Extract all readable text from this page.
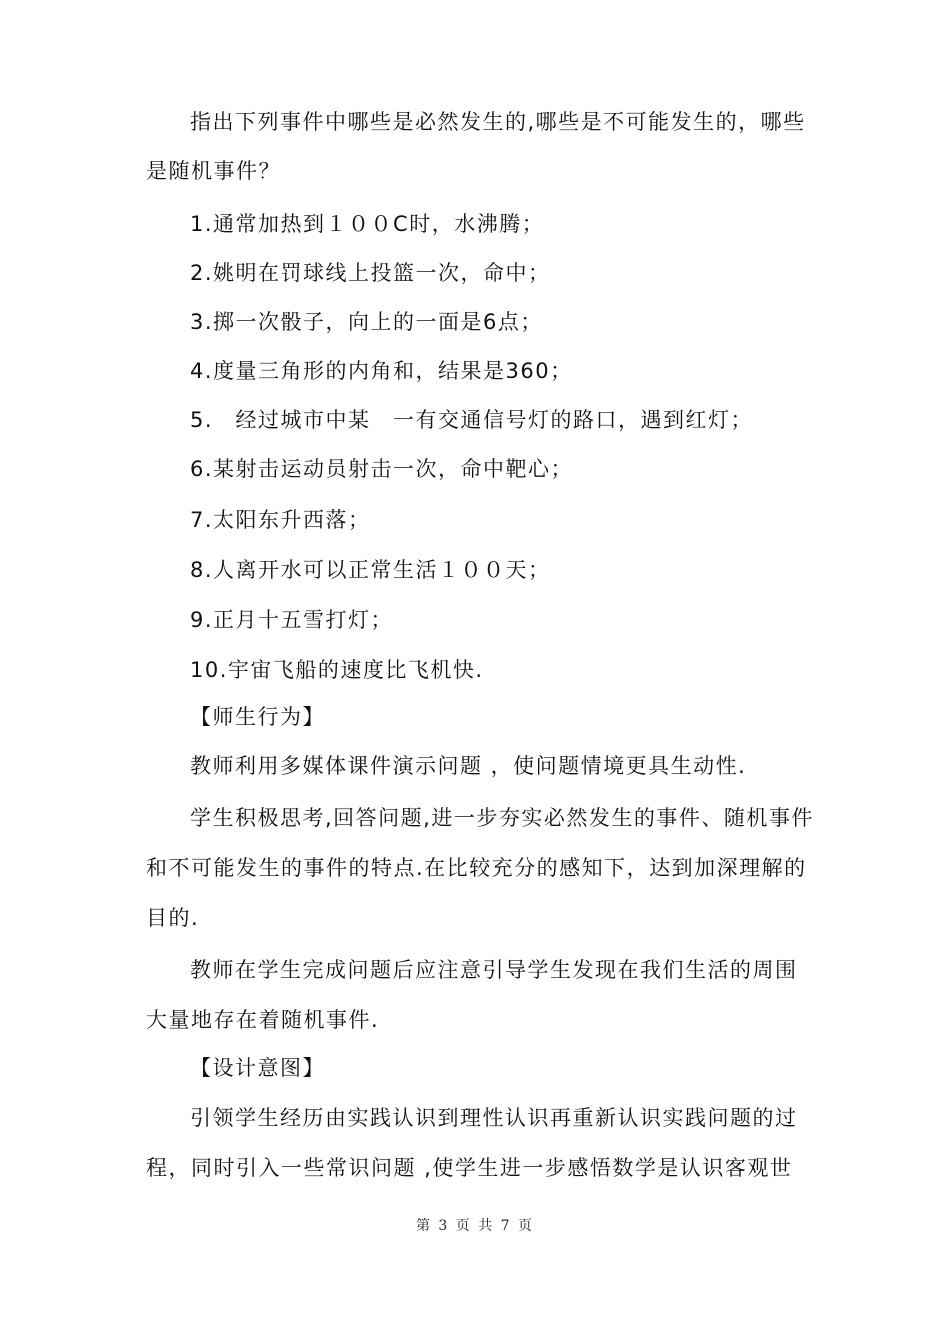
指出下列事件中哪些是必然发生的,哪些是不可能发生的，哪些
是随机事件？
1.通常加热到１００C时，水沸腾；
2.姚明在罚球线上投篮一次，命中；
3.掷一次骰子，向上的一面是6点；
4.度量三角形的内角和，结果是360；
5.　经过城市中某　一有交通信号灯的路口，遇到红灯；
6.某射击运动员射击一次，命中靶心；
7.太阳东升西落；
8.人离开水可以正常生活１００天；
9.正月十五雪打灯；
10.宇宙飞船的速度比飞机快.
【师生行为】
教师利用多媒体课件演示问题 ，使问题情境更具生动性.
学生积极思考,回答问题,进一步夯实必然发生的事件、随机事件
和不可能发生的事件的特点.在比较充分的感知下，达到加深理解的
目的.
教师在学生完成问题后应注意引导学生发现在我们生活的周围
大量地存在着随机事件.
【设计意图】
引领学生经历由实践认识到理性认识再重新认识实践问题的过
程，同时引入一些常识问题 ,使学生进一步感悟数学是认识客观世
第 3 页 共 7 页
